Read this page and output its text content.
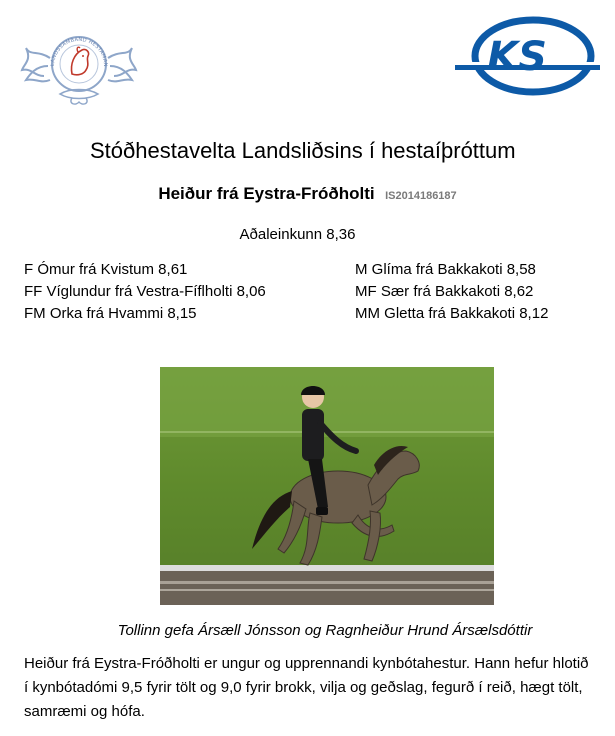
LANDSSAMBAND HESTAMAN	KS
Stóðhestavelta Landsliðsins í hestaíþróttum
Heiður frá Eystra-Fróðholti IS2014186187
Aðaleinkunn 8,36
F Ómur frá Kvistum 8,61
FF Víglundur frá Vestra-Fíflholti 8,06
FM Orka frá Hvammi 8,15
M Glíma frá Bakkakoti 8,58
MF Sær frá Bakkakoti 8,62
MM Gletta frá Bakkakoti 8,12
Tollinn gefa Ársæll Jónsson og Ragnheiður Hrund Ársælsdóttir
Heiður frá Eystra-Fróðholti er ungur og upprennandi kynbótahestur. Hann hefur hlotið í kynbótadómi 9,5 fyrir tölt og 9,0 fyrir brokk, vilja og geðslag, fegurð í reið, hægt tölt, samræmi og hófa.
